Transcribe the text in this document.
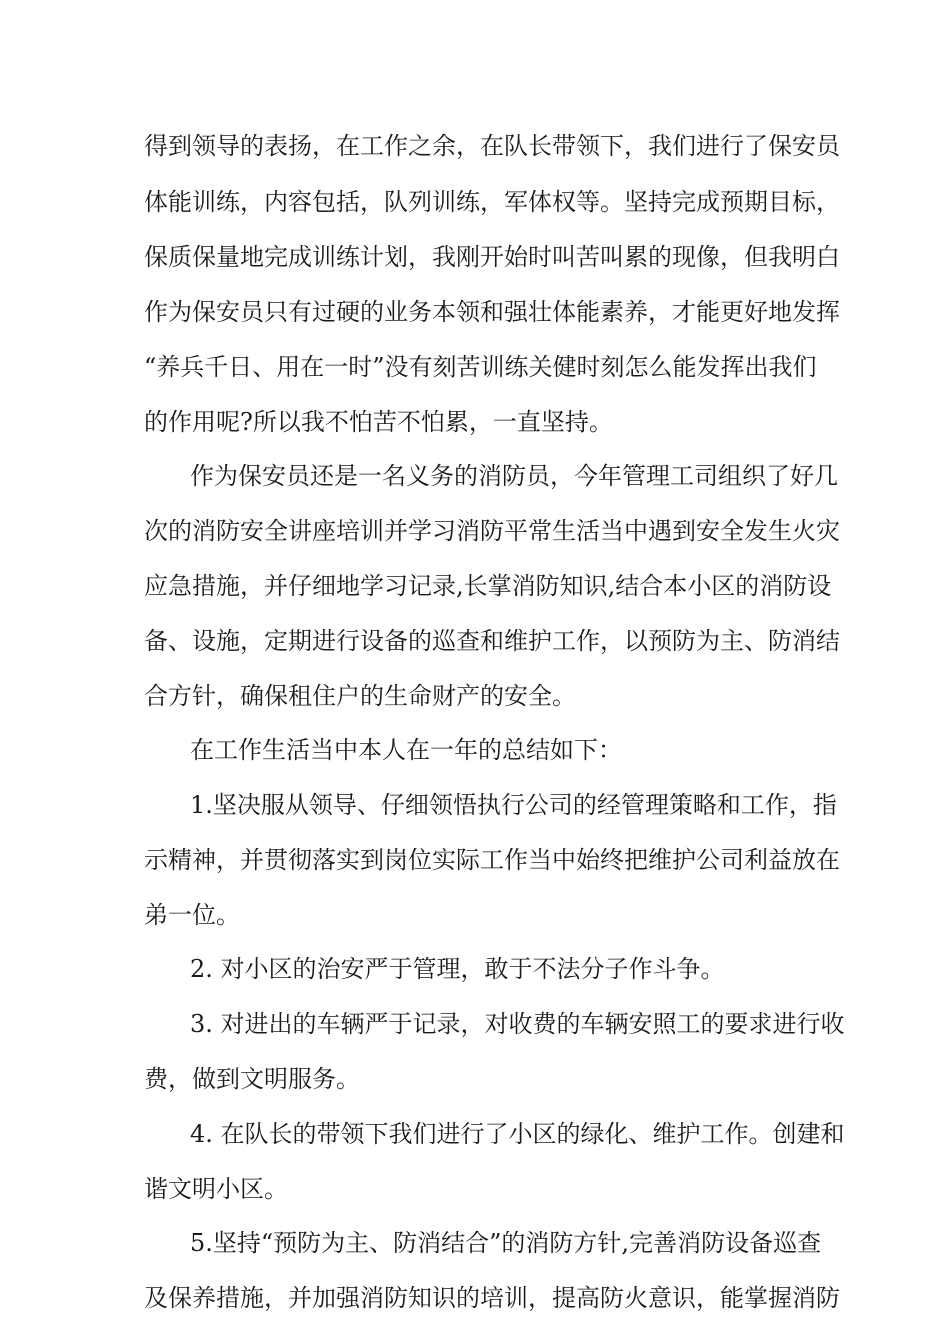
得到领导的表扬，在工作之余，在队长带领下，我们进行了保安员

体能训练，内容包括，队列训练，军体权等。坚持完成预期目标，

保质保量地完成训练计划，我刚开始时叫苦叫累的现像，但我明白

作为保安员只有过硬的业务本领和强壮体能素养，才能更好地发挥

“养兵千日、用在一时”没有刻苦训练关健时刻怎么能发挥出我们

的作用呢?所以我不怕苦不怕累，一直坚持。

作为保安员还是一名义务的消防员，今年管理工司组织了好几

次的消防安全讲座培训并学习消防平常生活当中遇到安全发生火灾

应急措施，并仔细地学习记录,长掌消防知识,结合本小区的消防设

备、设施，定期进行设备的巡查和维护工作，以预防为主、防消结

合方针，确保租住户的生命财产的安全。

在工作生活当中本人在一年的总结如下：

1.坚决服从领导、仔细领悟执行公司的经管理策略和工作，指

示精神，并贯彻落实到岗位实际工作当中始终把维护公司利益放在

弟一位。

2. 对小区的治安严于管理，敢于不法分子作斗争。

3. 对进出的车辆严于记录，对收费的车辆安照工的要求进行收

费，做到文明服务。

4. 在队长的带领下我们进行了小区的绿化、维护工作。创建和

谐文明小区。

5.坚持“预防为主、防消结合”的消防方针,完善消防设备巡查

及保养措施，并加强消防知识的培训，提高防火意识，能掌握消防
